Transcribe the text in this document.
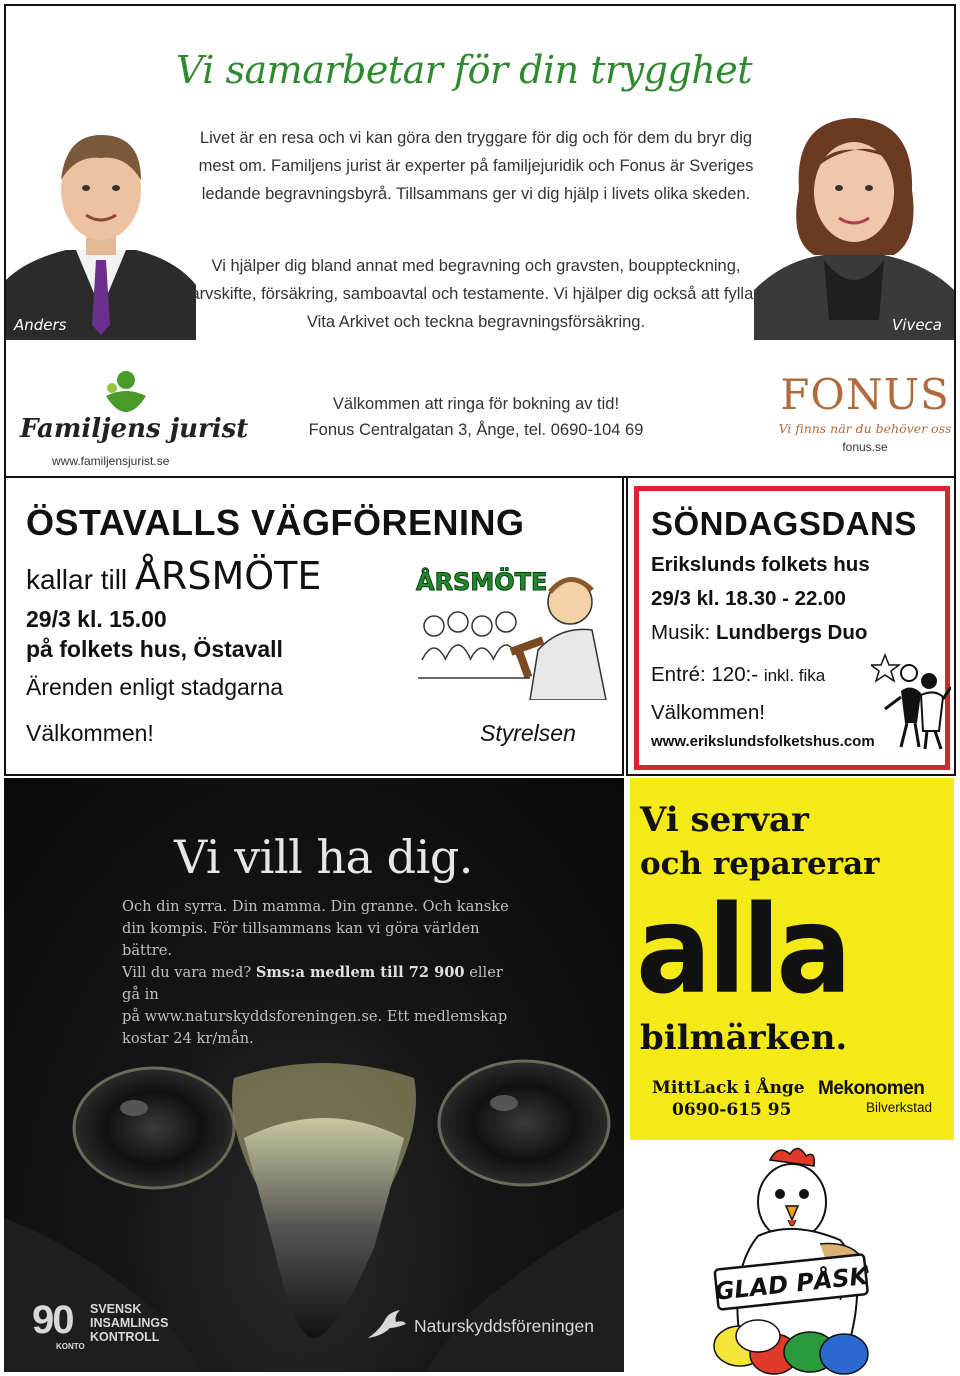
Vi samarbetar för din trygghet
Anders	Viveca
Livet är en resa och vi kan göra den tryggare för dig och för dem du bryr dig mest om. Familjens jurist är experter på familjejuridik och Fonus är Sveriges ledande begravningsbyrå. Tillsammans ger vi dig hjälp i livets olika skeden.
Vi hjälper dig bland annat med begravning och gravsten, bouppteckning, arvskifte, försäkring, samboavtal och testamente. Vi hjälper dig också att fylla i Vita Arkivet och teckna begravningsförsäkring.
Välkommen att ringa för bokning av tid!
Fonus Centralgatan 3, Ånge, tel. 0690-104 69
Familjens jurist
www.familjensjurist.se
FONUS
Vi finns när du behöver oss
fonus.se
ÖSTAVALLS VÄGFÖRENING
kallar till ÅRSMÖTE
29/3 kl. 15.00
på folkets hus, Östavall
Ärenden enligt stadgarna
Välkommen!	Styrelsen
ÅRSMÖTE
SÖNDAGSDANS
Erikslunds folkets hus
29/3 kl. 18.30 - 22.00
Musik: Lundbergs Duo
Entré: 120:- inkl. fika
Välkommen!
www.erikslundsfolketshus.com
Vi vill ha dig.
Och din syrra. Din mamma. Din granne. Och kanske
din kompis. För tillsammans kan vi göra världen bättre.
Vill du vara med? Sms:a medlem till 72 900 eller gå in
på www.naturskyddsforeningen.se. Ett medlemskap
kostar 24 kr/mån.
90
KONTO
SVENSK
INSAMLINGS
KONTROLL
Naturskyddsföreningen
Vi servar
och reparerar
alla
bilmärken.
MittLack i Ånge
0690-615 95
Mekonomen
Bilverkstad
GLAD PÅSK
